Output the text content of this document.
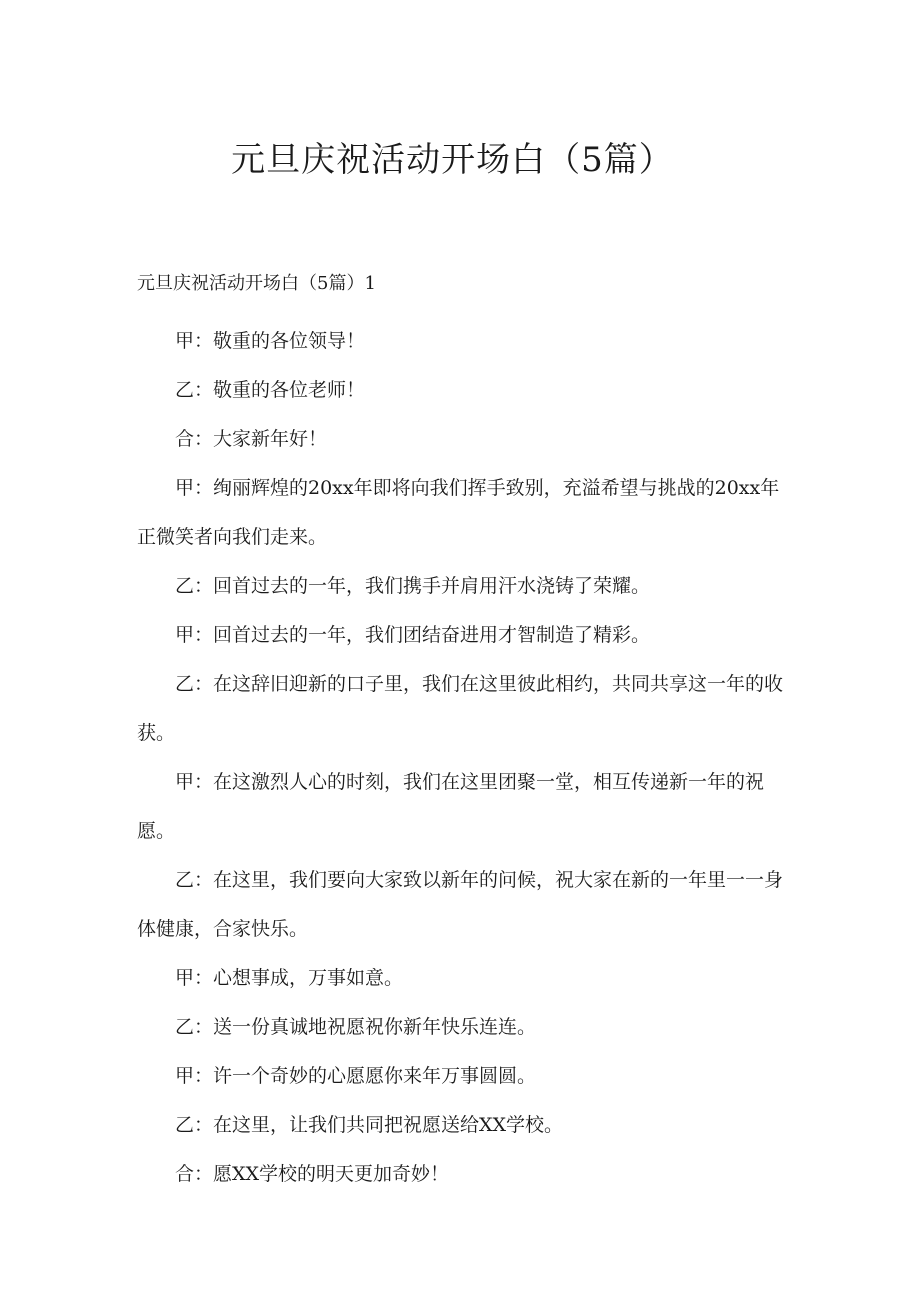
元旦庆祝活动开场白（5篇）

元旦庆祝活动开场白（5篇）1

甲：敬重的各位领导！

乙：敬重的各位老师！

合：大家新年好！

甲：绚丽辉煌的20xx年即将向我们挥手致别，充溢希望与挑战的20xx年正微笑者向我们走来。

乙：回首过去的一年，我们携手并肩用汗水浇铸了荣耀。

甲：回首过去的一年，我们团结奋进用才智制造了精彩。

乙：在这辞旧迎新的口子里，我们在这里彼此相约，共同共享这一年的收获。

甲：在这激烈人心的时刻，我们在这里团聚一堂，相互传递新一年的祝愿。

乙：在这里，我们要向大家致以新年的问候，祝大家在新的一年里一一身体健康，合家快乐。

甲：心想事成，万事如意。

乙：送一份真诚地祝愿祝你新年快乐连连。

甲：许一个奇妙的心愿愿你来年万事圆圆。

乙：在这里，让我们共同把祝愿送给XX学校。

合：愿XX学校的明天更加奇妙！
